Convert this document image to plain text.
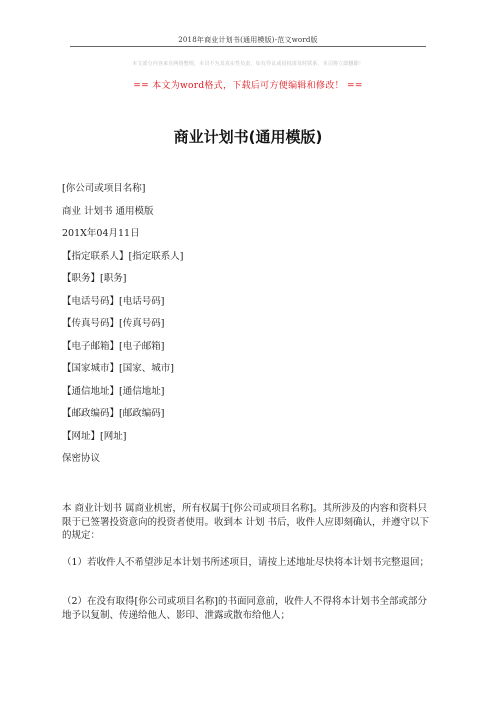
2018年商业计划书(通用模版)-范文word版
本文部分内容来自网络整理，本司不为其真实性负责，如有异议或侵权请及时联系，本司将立即删除！
== 本文为word格式，下载后可方便编辑和修改！ ==
商业计划书(通用模版)
[你公司或项目名称]
商业 计划书 通用模版
201X年04月11日
【指定联系人】[指定联系人]
【职务】[职务]
【电话号码】[电话号码]
【传真号码】[传真号码]
【电子邮箱】[电子邮箱]
【国家城市】[国家、城市]
【通信地址】[通信地址]
【邮政编码】[邮政编码]
【网址】[网址]
保密协议
本 商业计划书 属商业机密，所有权属于[你公司或项目名称]。其所涉及的内容和资料只限于已签署投资意向的投资者使用。收到本 计划 书后，收件人应即刻确认，并遵守以下的规定：
（1）若收件人不希望涉足本计划书所述项目，请按上述地址尽快将本计划书完整退回；
（2）在没有取得[你公司或项目名称]的书面同意前，收件人不得将本计划书全部或部分地予以复制、传递给他人、影印、泄露或散布给他人；
